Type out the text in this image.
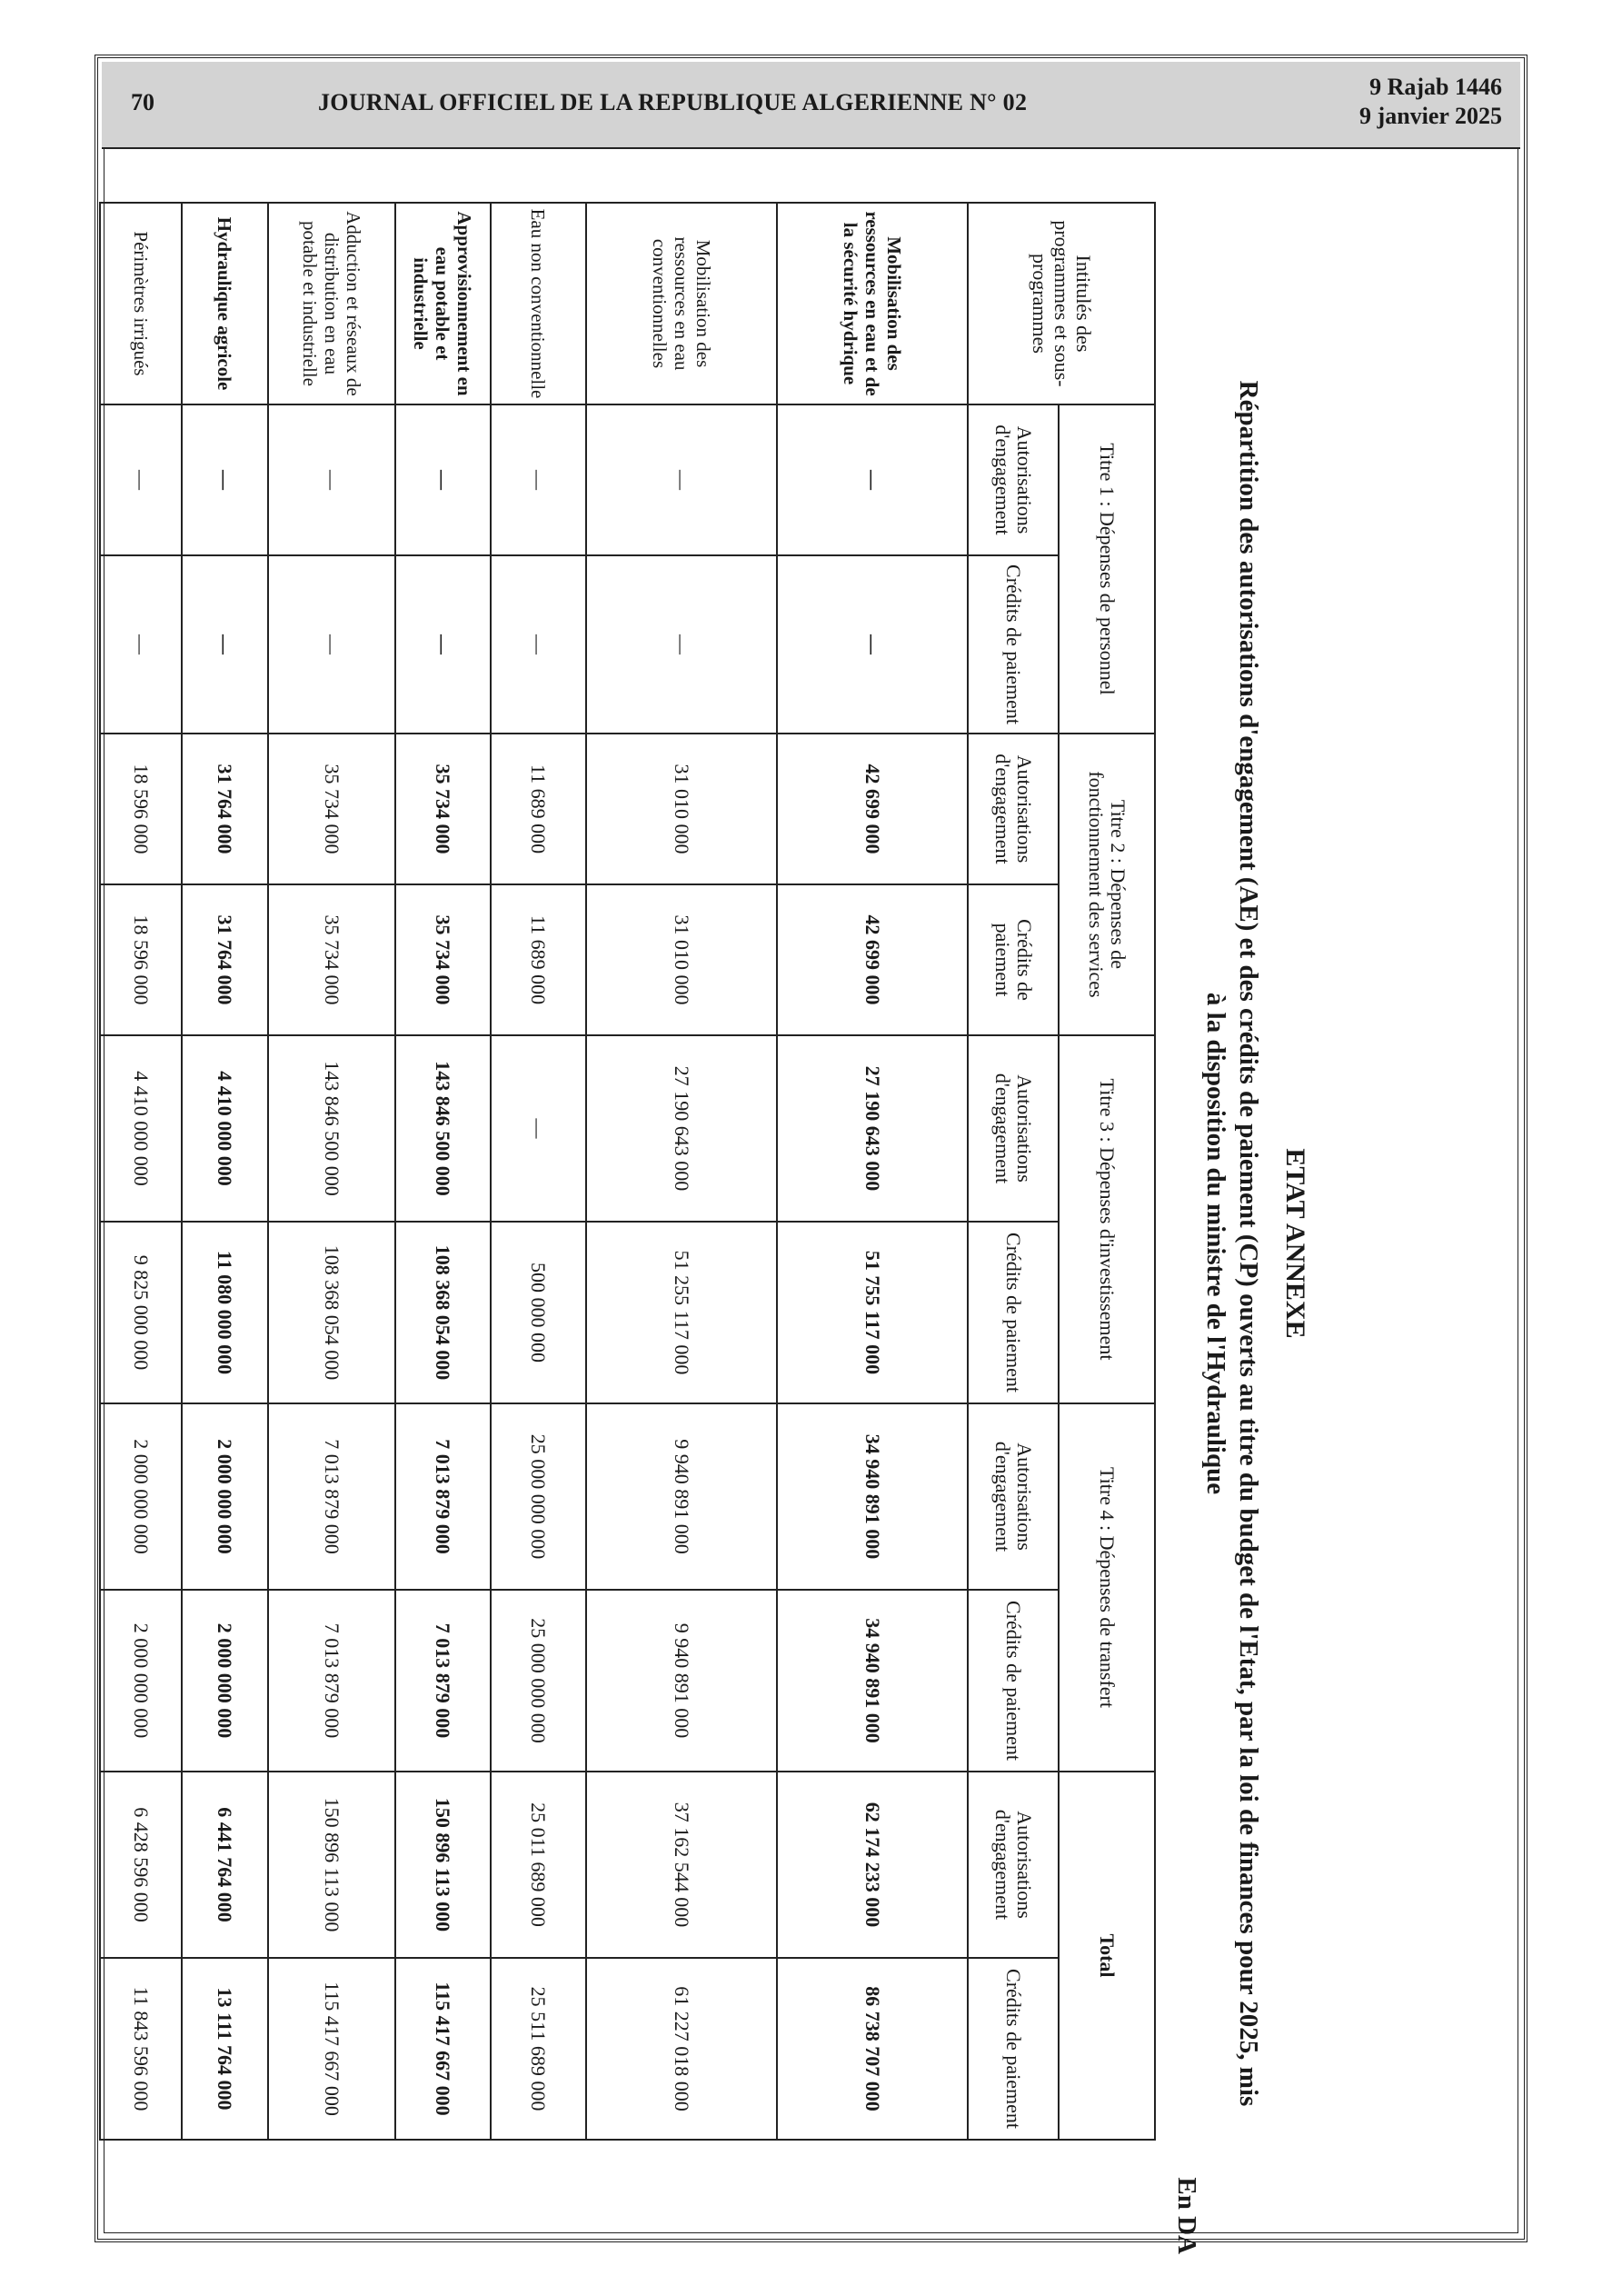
70	JOURNAL OFFICIEL DE LA REPUBLIQUE ALGERIENNE N° 02
9 Rajab 1446
9 janvier 2025
ETAT ANNEXE
Répartition des autorisations d'engagement (AE) et des crédits de paiement (CP) ouverts au titre du budget de l'Etat, par la loi de finances pour 2025, mis à la disposition du ministre de l'Hydraulique
En DA
Intitulés des programmes et sous-programmes	Titre 1 : Dépenses de personnel		Titre 2 : Dépenses de fonctionnement des services		Titre 3 : Dépenses d'investissement		Titre 4 : Dépenses de transfert		Total	
	Autorisations d'engagement	Crédits de paiement	Autorisations d'engagement	Crédits de paiement	Autorisations d'engagement	Crédits de paiement	Autorisations d'engagement	Crédits de paiement	Autorisations d'engagement	Crédits de paiement
Mobilisation des ressources en eau et de la sécurité hydrique	—	—	42 699 000	42 699 000	27 190 643 000	51 755 117 000	34 940 891 000	34 940 891 000	62 174 233 000	86 738 707 000
Mobilisation des ressources en eau conventionnelles	—	—	31 010 000	31 010 000	27 190 643 000	51 255 117 000	9 940 891 000	9 940 891 000	37 162 544 000	61 227 018 000
Eau non conventionnelle	—	—	11 689 000	11 689 000	—	500 000 000	25 000 000 000	25 000 000 000	25 011 689 000	25 511 689 000
Approvisionnement en eau potable et industrielle	—	—	35 734 000	35 734 000	143 846 500 000	108 368 054 000	7 013 879 000	7 013 879 000	150 896 113 000	115 417 667 000
Adduction et réseaux de distribution en eau potable et industrielle	—	—	35 734 000	35 734 000	143 846 500 000	108 368 054 000	7 013 879 000	7 013 879 000	150 896 113 000	115 417 667 000
Hydraulique agricole	—	—	31 764 000	31 764 000	4 410 000 000	11 080 000 000	2 000 000 000	2 000 000 000	6 441 764 000	13 111 764 000
Périmètres irrigués	—	—	18 596 000	18 596 000	4 410 000 000	9 825 000 000	2 000 000 000	2 000 000 000	6 428 596 000	11 843 596 000
